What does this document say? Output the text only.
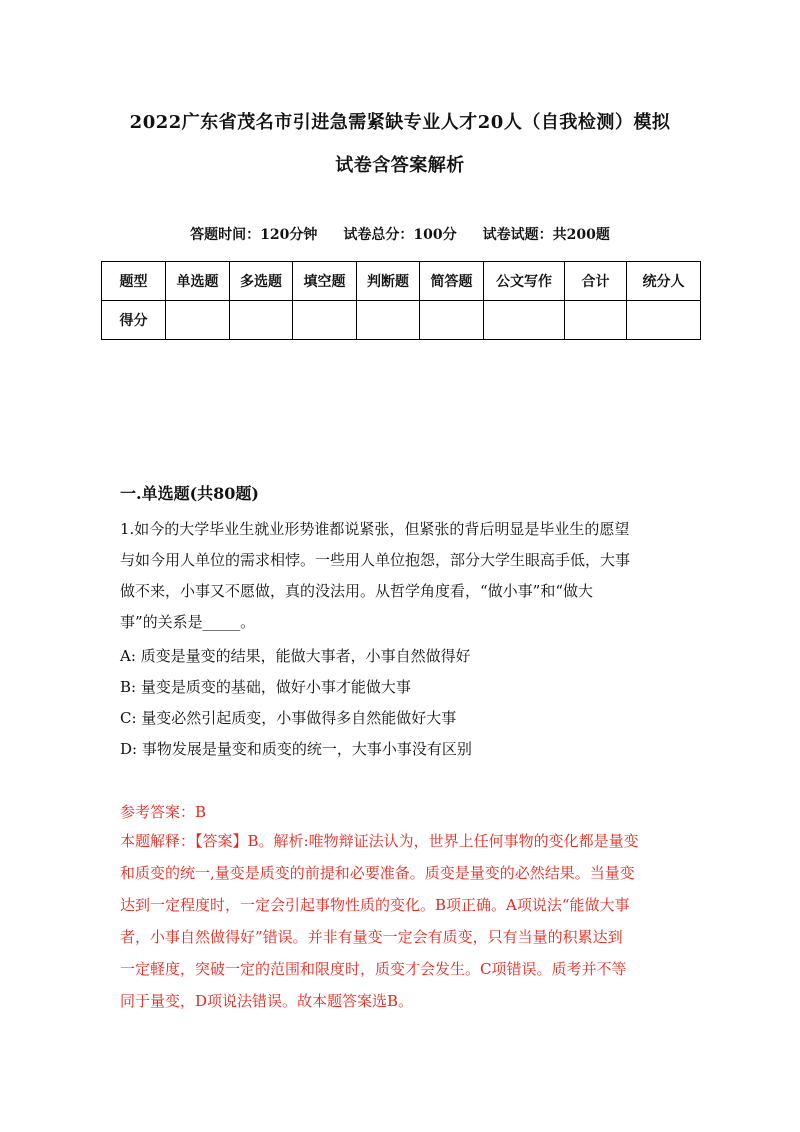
2022广东省茂名市引进急需紧缺专业人才20人（自我检测）模拟
试卷含答案解析
答题时间：120分钟 试卷总分：100分 试卷试题：共200题
题型	单选题	多选题	填空题	判断题	简答题	公文写作	合计	统分人
得分								
一.单选题(共80题)
1.如今的大学毕业生就业形势谁都说紧张，但紧张的背后明显是毕业生的愿望
与如今用人单位的需求相悖。一些用人单位抱怨，部分大学生眼高手低，大事
做不来，小事又不愿做，真的没法用。从哲学角度看，“做小事”和“做大
事”的关系是_____。
A: 质变是量变的结果，能做大事者，小事自然做得好
B: 量变是质变的基础，做好小事才能做大事
C: 量变必然引起质变，小事做得多自然能做好大事
D: 事物发展是量变和质变的统一，大事小事没有区别
参考答案：B
本题解释：【答案】B。解析:唯物辩证法认为，世界上任何事物的变化都是量变
和质变的统一,量变是质变的前提和必要准备。质变是量变的必然结果。当量变
达到一定程度时，一定会引起事物性质的变化。B项正确。A项说法“能做大事
者，小事自然做得好”错误。并非有量变一定会有质变，只有当量的积累达到
一定軽度，突破一定的范围和限度时，质变才会发生。C项错误。质考并不等
同于量变，D项说法错误。故本题答案选B。
